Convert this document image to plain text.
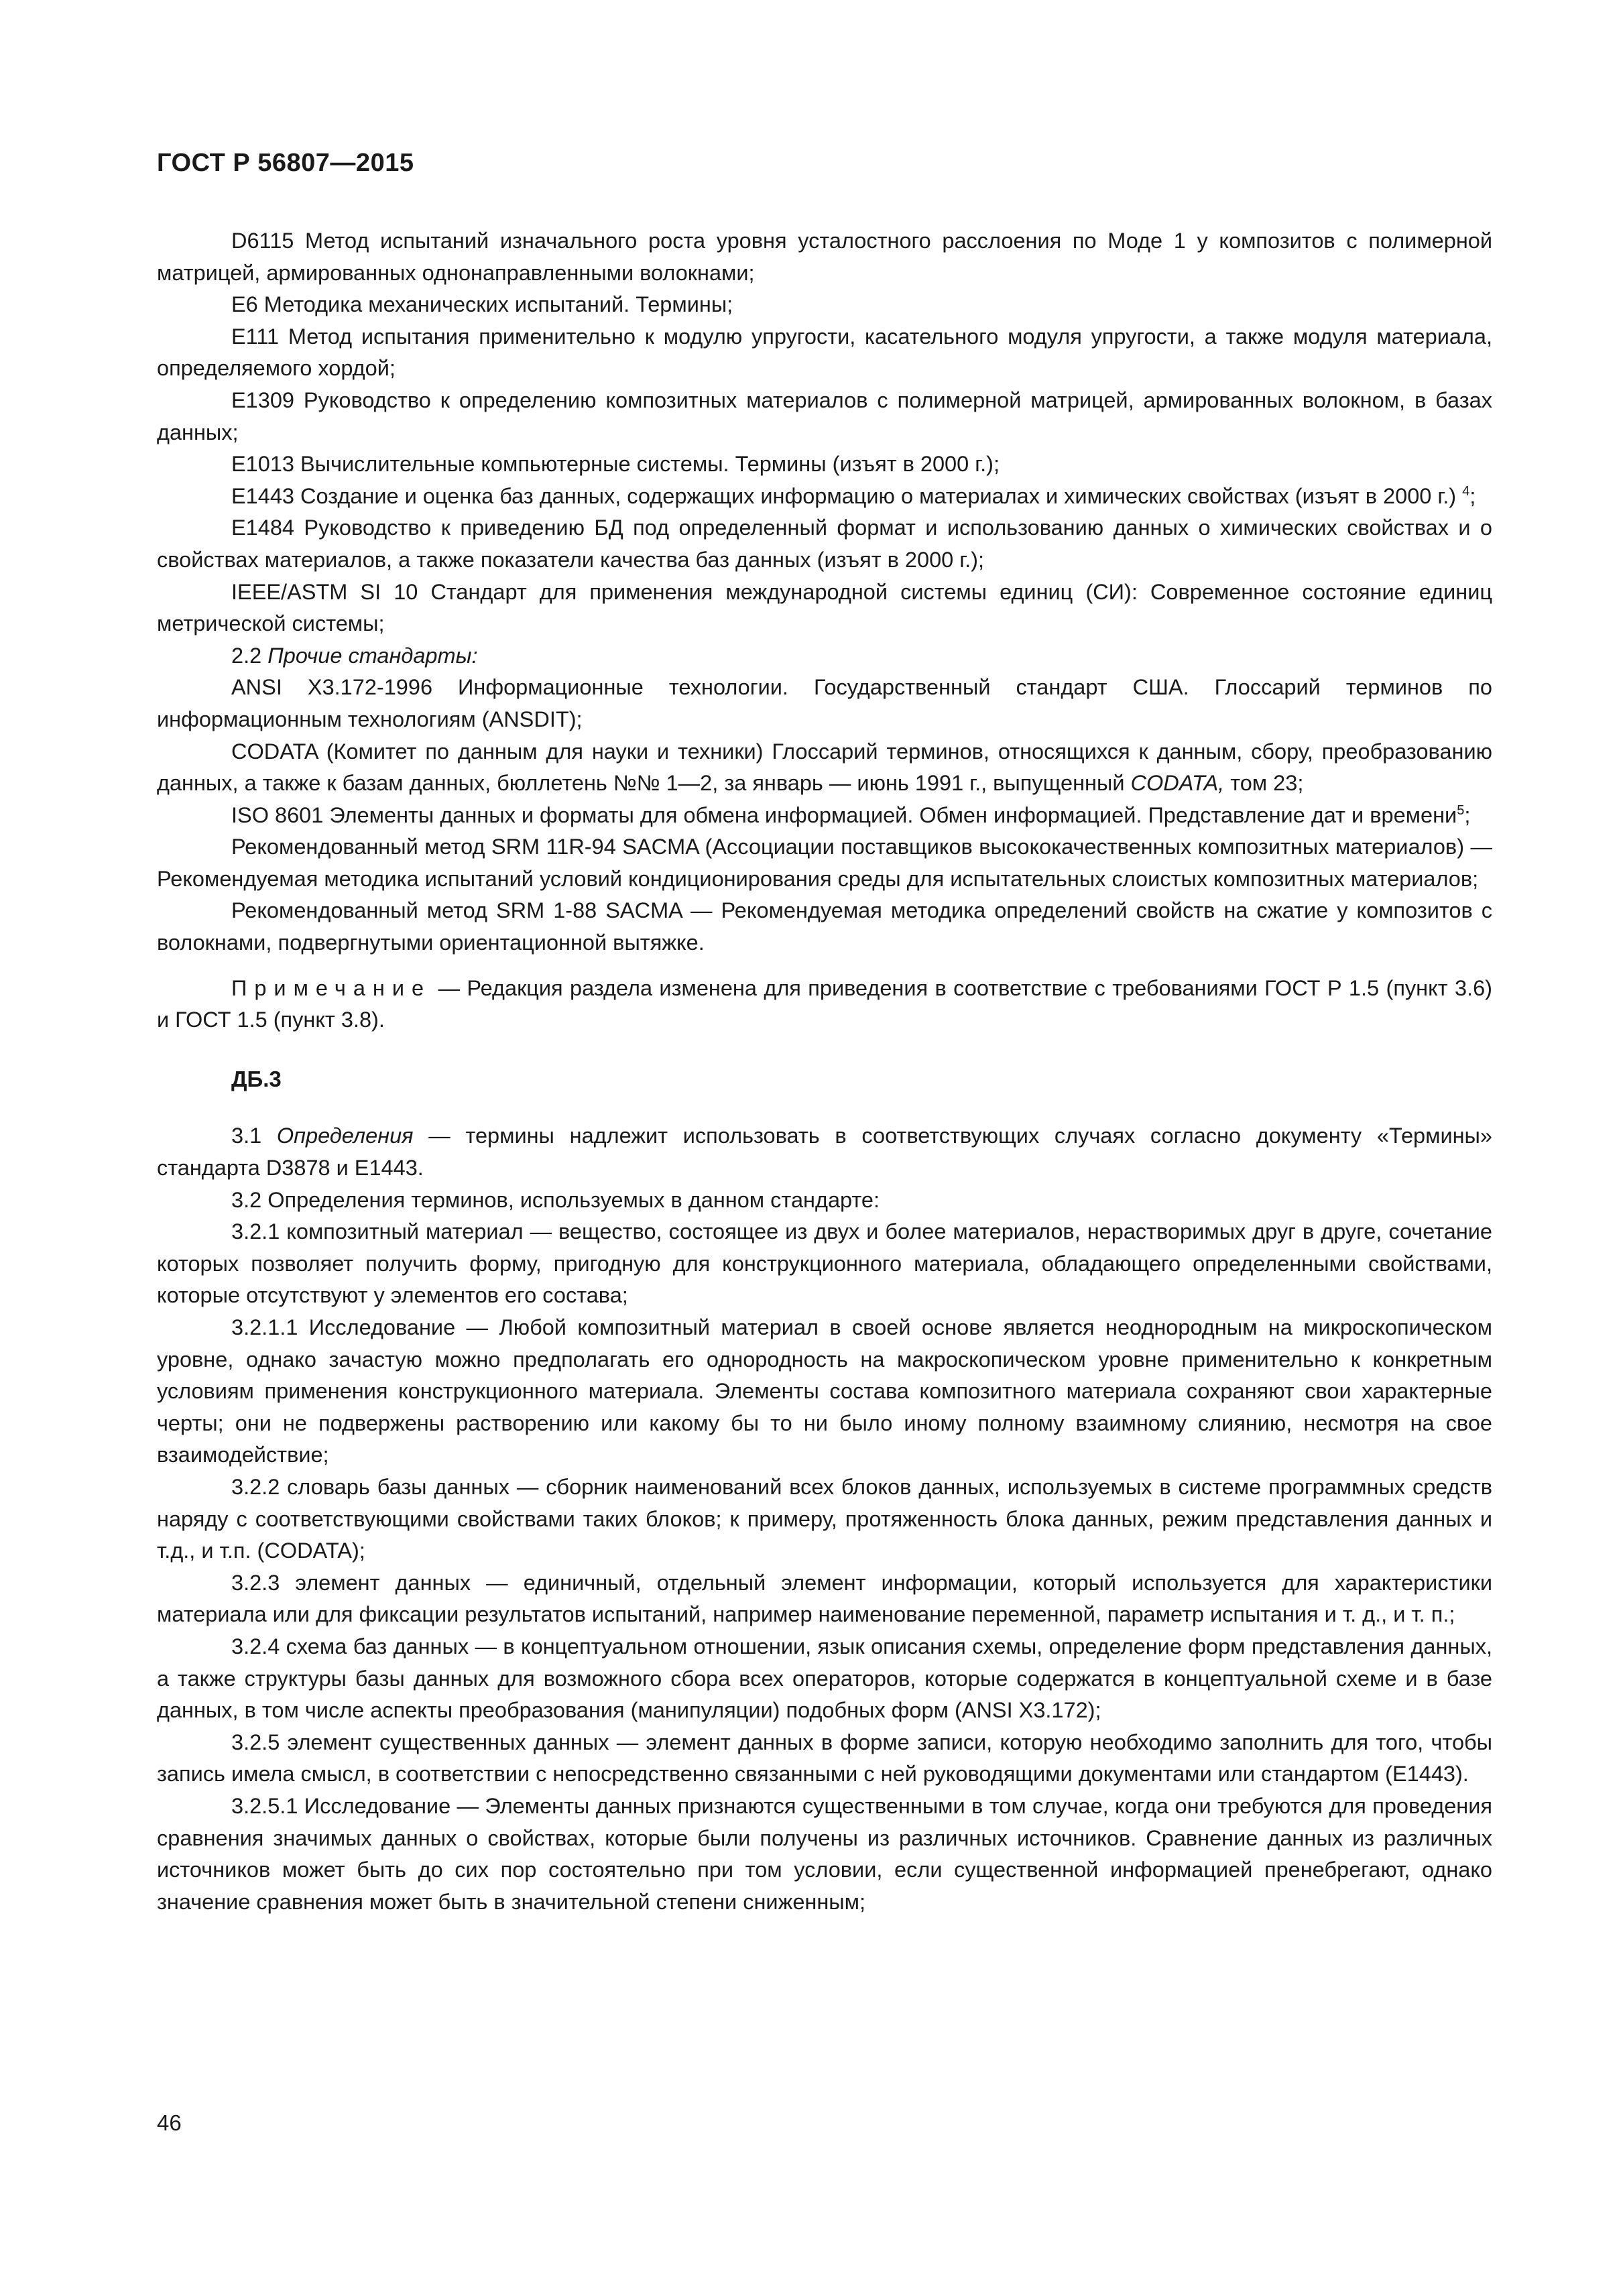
ГОСТ Р 56807—2015

D6115 Метод испытаний изначального роста уровня усталостного расслоения по Моде 1 у композитов с полимерной матрицей, армированных однонаправленными волокнами;

E6 Методика механических испытаний. Термины;

E111 Метод испытания применительно к модулю упругости, касательного модуля упругости, а также модуля материала, определяемого хордой;

E1309 Руководство к определению композитных материалов с полимерной матрицей, армированных волокном, в базах данных;

E1013 Вычислительные компьютерные системы. Термины (изъят в 2000 г.);

E1443 Создание и оценка баз данных, содержащих информацию о материалах и химических свойствах (изъят в 2000 г.) $^4$;

E1484 Руководство к приведению БД под определенный формат и использованию данных о химических свойствах и о свойствах материалов, а также показатели качества баз данных (изъят в 2000 г.);

IEEE/ASTM SI 10 Стандарт для применения международной системы единиц (СИ): Современное состояние единиц метрической системы;

2.2 Прочие стандарты:

ANSI X3.172-1996 Информационные технологии. Государственный стандарт США. Глоссарий терминов по информационным технологиям (ANSDIT);

CODATA (Комитет по данным для науки и техники) Глоссарий терминов, относящихся к данным, сбору, преобразованию данных, а также к базам данных, бюллетень №№ 1—2, за январь — июнь 1991 г., выпущенный CODATA, том 23;

ISO 8601 Элементы данных и форматы для обмена информацией. Обмен информацией. Представление дат и времени$^5$;

Рекомендованный метод SRM 11R-94 SACMA (Ассоциации поставщиков высококачественных композитных материалов) — Рекомендуемая методика испытаний условий кондиционирования среды для испытательных слоистых композитных материалов;

Рекомендованный метод SRM 1-88 SACMA — Рекомендуемая методика определений свойств на сжатие у композитов с волокнами, подвергнутыми ориентационной вытяжке.

Примечание — Редакция раздела изменена для приведения в соответствие с требованиями ГОСТ Р 1.5 (пункт 3.6) и ГОСТ 1.5 (пункт 3.8).

ДБ.3

3.1 Определения — термины надлежит использовать в соответствующих случаях согласно документу «Термины» стандарта D3878 и E1443.

3.2 Определения терминов, используемых в данном стандарте:

3.2.1 композитный материал — вещество, состоящее из двух и более материалов, нерастворимых друг в друге, сочетание которых позволяет получить форму, пригодную для конструкционного материала, обладающего определенными свойствами, которые отсутствуют у элементов его состава;

3.2.1.1 Исследование — Любой композитный материал в своей основе является неоднородным на микроскопическом уровне, однако зачастую можно предполагать его однородность на макроскопическом уровне применительно к конкретным условиям применения конструкционного материала. Элементы состава композитного материала сохраняют свои характерные черты; они не подвержены растворению или какому бы то ни было иному полному взаимному слиянию, несмотря на свое взаимодействие;

3.2.2 словарь базы данных — сборник наименований всех блоков данных, используемых в системе программных средств наряду с соответствующими свойствами таких блоков; к примеру, протяженность блока данных, режим представления данных и т.д., и т.п. (CODATA);

3.2.3 элемент данных — единичный, отдельный элемент информации, который используется для характеристики материала или для фиксации результатов испытаний, например наименование переменной, параметр испытания и т. д., и т. п.;

3.2.4 схема баз данных — в концептуальном отношении, язык описания схемы, определение форм представления данных, а также структуры базы данных для возможного сбора всех операторов, которые содержатся в концептуальной схеме и в базе данных, в том числе аспекты преобразования (манипуляции) подобных форм (ANSI X3.172);

3.2.5 элемент существенных данных — элемент данных в форме записи, которую необходимо заполнить для того, чтобы запись имела смысл, в соответствии с непосредственно связанными с ней руководящими документами или стандартом (E1443).

3.2.5.1 Исследование — Элементы данных признаются существенными в том случае, когда они требуются для проведения сравнения значимых данных о свойствах, которые были получены из различных источников. Сравнение данных из различных источников может быть до сих пор состоятельно при том условии, если существенной информацией пренебрегают, однако значение сравнения может быть в значительной степени сниженным;

46
